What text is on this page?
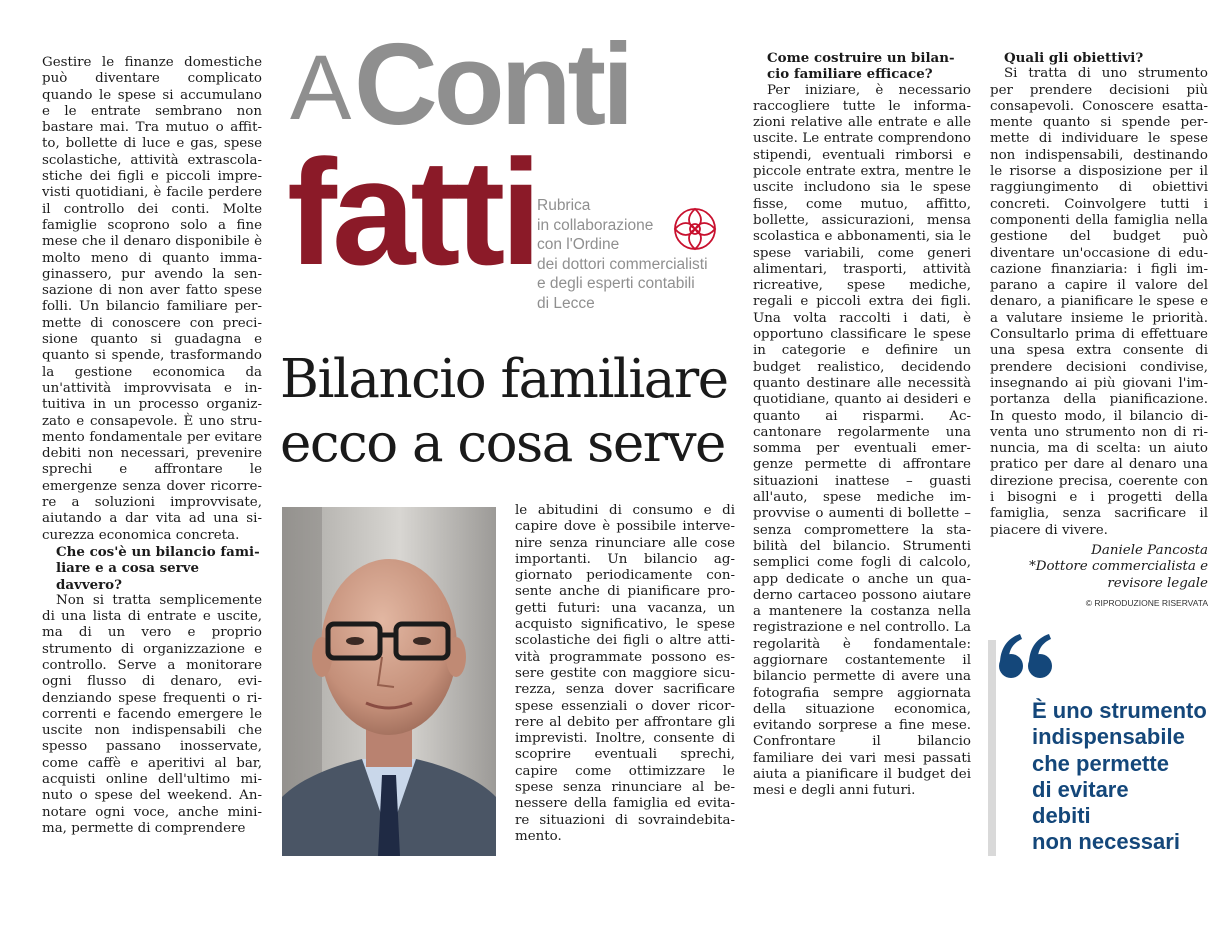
A Conti
fatti Rubrica
in collaborazione
con l'Ordine
dei dottori commercialisti
e degli esperti contabili
di Lecce
Bilancio familiare
ecco a cosa serve

Gestire le finanze domestiche può diventare complicato quando le spese si accumulano e le entrate sembrano non bastare mai. Tra mutuo o affitto, bollette di luce e gas, spese scolastiche, attività extrascolastiche dei figli e piccoli imprevisti quotidiani, è facile perdere il controllo dei conti. Molte famiglie scoprono solo a fine mese che il denaro disponibile è molto meno di quanto immaginassero, pur avendo la sensazione di non aver fatto spese folli. Un bilancio familiare permette di conoscere con precisione quanto si guadagna e quanto si spende, trasformando la gestione economica da un'attività improvvisata e intuitiva in un processo organizzato e consapevole. È uno strumento fondamentale per evitare debiti non necessari, prevenire sprechi e affrontare le emergenze senza dover ricorrere a soluzioni improvvisate, aiutando a dar vita ad una sicurezza economica concreta.

Che cos'è un bilancio familiare e a cosa serve davvero?

Non si tratta semplicemente di una lista di entrate e uscite, ma di un vero e proprio strumento di organizzazione e controllo. Serve a monitorare ogni flusso di denaro, evidenziando spese frequenti o ricorrenti e facendo emergere le uscite non indispensabili che spesso passano inosservate, come caffè e aperitivi al bar, acquisti online dell'ultimo minuto o spese del weekend. Annotare ogni voce, anche minima, permette di comprendere

le abitudini di consumo e di capire dove è possibile intervenire senza rinunciare alle cose importanti. Un bilancio aggiornato periodicamente consente anche di pianificare progetti futuri: una vacanza, un acquisto significativo, le spese scolastiche dei figli o altre attività programmate possono essere gestite con maggiore sicurezza, senza dover sacrificare spese essenziali o dover ricorrere al debito per affrontare gli imprevisti. Inoltre, consente di scoprire eventuali sprechi, capire come ottimizzare le spese senza rinunciare al benessere della famiglia ed evitare situazioni di sovraindebitamento.

Come costruire un bilancio familiare efficace?

Per iniziare, è necessario raccogliere tutte le informazioni relative alle entrate e alle uscite. Le entrate comprendono stipendi, eventuali rimborsi e piccole entrate extra, mentre le uscite includono sia le spese fisse, come mutuo, affitto, bollette, assicurazioni, mensa scolastica e abbonamenti, sia le spese variabili, come generi alimentari, trasporti, attività ricreative, spese mediche, regali e piccoli extra dei figli. Una volta raccolti i dati, è opportuno classificare le spese in categorie e definire un budget realistico, decidendo quanto destinare alle necessità quotidiane, quanto ai desideri e quanto ai risparmi. Accantonare regolarmente una somma per eventuali emergenze permette di affrontare situazioni inattese – guasti all'auto, spese mediche improvvise o aumenti di bollette – senza compromettere la stabilità del bilancio. Strumenti semplici come fogli di calcolo, app dedicate o anche un quaderno cartaceo possono aiutare a mantenere la costanza nella registrazione e nel controllo. La regolarità è fondamentale: aggiornare costantemente il bilancio permette di avere una fotografia sempre aggiornata della situazione economica, evitando sorprese a fine mese. Confrontare il bilancio familiare dei vari mesi passati aiuta a pianificare il budget dei mesi e degli anni futuri.

Quali gli obiettivi?

Si tratta di uno strumento per prendere decisioni più consapevoli. Conoscere esattamente quanto si spende permette di individuare le spese non indispensabili, destinando le risorse a disposizione per il raggiungimento di obiettivi concreti. Coinvolgere tutti i componenti della famiglia nella gestione del budget può diventare un'occasione di educazione finanziaria: i figli imparano a capire il valore del denaro, a pianificare le spese e a valutare insieme le priorità. Consultarlo prima di effettuare una spesa extra consente di prendere decisioni condivise, insegnando ai più giovani l'importanza della pianificazione. In questo modo, il bilancio diventa uno strumento non di rinuncia, ma di scelta: un aiuto pratico per dare al denaro una direzione precisa, coerente con i bisogni e i progetti della famiglia, senza sacrificare il piacere di vivere.

Daniele Pancosta
*Dottore commercialista e revisore legale
© RIPRODUZIONE RISERVATA
È uno strumento
indispensabile
che permette
di evitare
debiti
non necessari
